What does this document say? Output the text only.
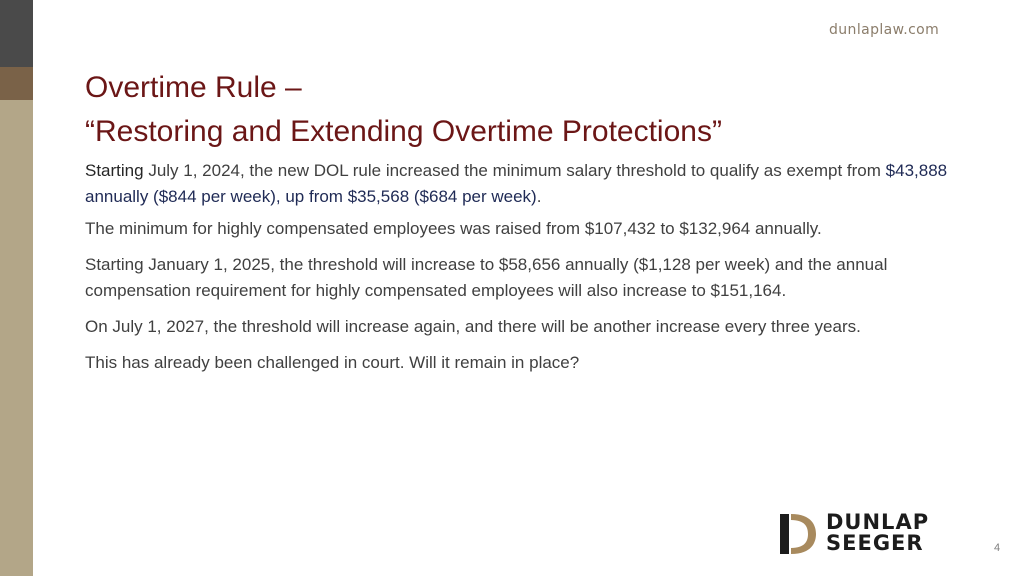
dunlaplaw.com
Overtime Rule –
“Restoring and Extending Overtime Protections”

Starting July 1, 2024, the new DOL rule increased the minimum salary threshold to qualify as exempt from $43,888 annually ($844 per week), up from $35,568 ($684 per week).

The minimum for highly compensated employees was raised from $107,432 to $132,964 annually.

Starting January 1, 2025, the threshold will increase to $58,656 annually ($1,128 per week) and the annual compensation requirement for highly compensated employees will also increase to $151,164.

On July 1, 2027, the threshold will increase again, and there will be another increase every three years.

This has already been challenged in court. Will it remain in place?

DUNLAP
SEEGER	4
